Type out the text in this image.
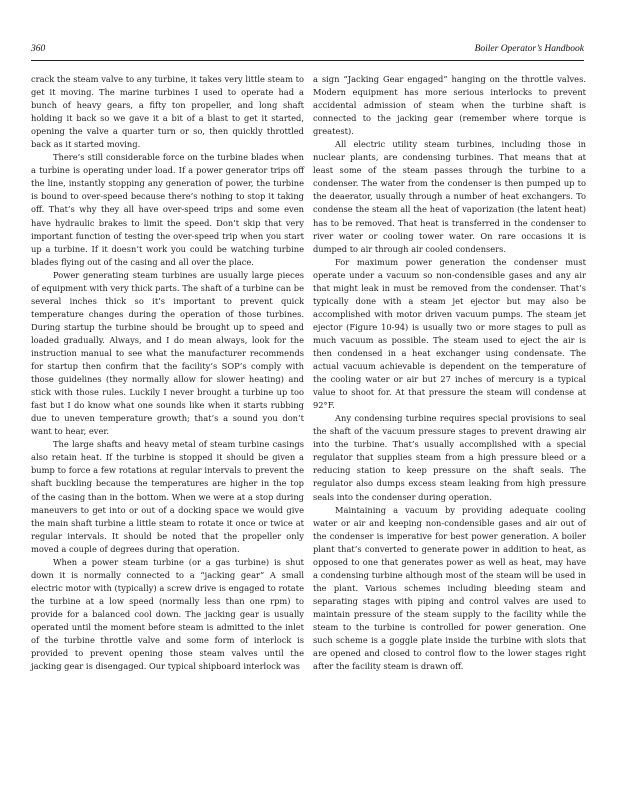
360	Boiler Operator’s Handbook

crack the steam valve to any turbine, it takes very little steam to get it moving. The marine turbines I used to operate had a bunch of heavy gears, a fifty ton propeller, and long shaft holding it back so we gave it a bit of a blast to get it started, opening the valve a quarter turn or so, then quickly throttled back as it started moving.

There’s still considerable force on the turbine blades when a turbine is operating under load. If a power generator trips off the line, instantly stopping any generation of power, the turbine is bound to over-speed because there’s nothing to stop it taking off. That’s why they all have over-speed trips and some even have hydraulic brakes to limit the speed. Don’t skip that very important function of testing the over-speed trip when you start up a turbine. If it doesn’t work you could be watching turbine blades flying out of the casing and all over the place.

Power generating steam turbines are usually large pieces of equipment with very thick parts. The shaft of a turbine can be several inches thick so it’s important to prevent quick temperature changes during the operation of those turbines. During startup the turbine should be brought up to speed and loaded gradually. Always, and I do mean always, look for the instruction manual to see what the manufacturer recommends for startup then confirm that the facility’s SOP’s comply with those guidelines (they normally allow for slower heating) and stick with those rules. Luckily I never brought a turbine up too fast but I do know what one sounds like when it starts rubbing due to uneven temperature growth; that’s a sound you don’t want to hear, ever.

The large shafts and heavy metal of steam turbine casings also retain heat. If the turbine is stopped it should be given a bump to force a few rotations at regular intervals to prevent the shaft buckling because the temperatures are higher in the top of the casing than in the bottom. When we were at a stop during maneuvers to get into or out of a docking space we would give the main shaft turbine a little steam to rotate it once or twice at regular intervals. It should be noted that the propeller only moved a couple of degrees during that operation.

When a power steam turbine (or a gas turbine) is shut down it is normally connected to a “jacking gear” A small electric motor with (typically) a screw drive is engaged to rotate the turbine at a low speed (normally less than one rpm) to provide for a balanced cool down. The jacking gear is usually operated until the moment before steam is admitted to the inlet of the turbine throttle valve and some form of interlock is provided to prevent opening those steam valves until the jacking gear is disengaged. Our typical shipboard interlock was

a sign “Jacking Gear engaged” hanging on the throttle valves. Modern equipment has more serious interlocks to prevent accidental admission of steam when the turbine shaft is connected to the jacking gear (remember where torque is greatest).

All electric utility steam turbines, including those in nuclear plants, are condensing turbines. That means that at least some of the steam passes through the turbine to a condenser. The water from the condenser is then pumped up to the deaerator, usually through a number of heat exchangers. To condense the steam all the heat of vaporization (the latent heat) has to be removed. That heat is transferred in the condenser to river water or cooling tower water. On rare occasions it is dumped to air through air cooled condensers.

For maximum power generation the condenser must operate under a vacuum so non-condensible gases and any air that might leak in must be removed from the condenser. That’s typically done with a steam jet ejector but may also be accomplished with motor driven vacuum pumps. The steam jet ejector (Figure 10-94) is usually two or more stages to pull as much vacuum as possible. The steam used to eject the air is then condensed in a heat exchanger using condensate. The actual vacuum achievable is dependent on the temperature of the cooling water or air but 27 inches of mercury is a typical value to shoot for. At that pressure the steam will condense at 92°F.

Any condensing turbine requires special provisions to seal the shaft of the vacuum pressure stages to prevent drawing air into the turbine. That’s usually accomplished with a special regulator that supplies steam from a high pressure bleed or a reducing station to keep pressure on the shaft seals. The regulator also dumps excess steam leaking from high pressure seals into the condenser during operation.

Maintaining a vacuum by providing adequate cooling water or air and keeping non-condensible gases and air out of the condenser is imperative for best power generation. A boiler plant that’s converted to generate power in addition to heat, as opposed to one that generates power as well as heat, may have a condensing turbine although most of the steam will be used in the plant. Various schemes including bleeding steam and separating stages with piping and control valves are used to maintain pressure of the steam supply to the facility while the steam to the turbine is controlled for power generation. One such scheme is a goggle plate inside the turbine with slots that are opened and closed to control flow to the lower stages right after the facility steam is drawn off.
